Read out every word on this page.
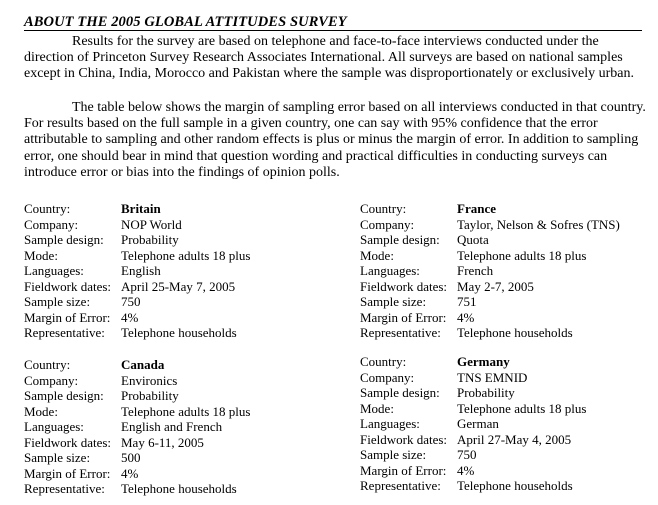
ABOUT THE 2005 GLOBAL ATTITUDES SURVEY

Results for the survey are based on telephone and face-to-face interviews conducted under the direction of Princeton Survey Research Associates International. All surveys are based on national samples except in China, India, Morocco and Pakistan where the sample was disproportionately or exclusively urban.

The table below shows the margin of sampling error based on all interviews conducted in that country. For results based on the full sample in a given country, one can say with 95% confidence that the error attributable to sampling and other random effects is plus or minus the margin of error. In addition to sampling error, one should bear in mind that question wording and practical difficulties in conducting surveys can introduce error or bias into the findings of opinion polls.

Country:	Britain
Company:	NOP World
Sample design: Probability
Mode:	Telephone adults 18 plus
Languages:	English
Fieldwork dates: April 25-May 7, 2005
Sample size: 750
Margin of Error: 4%
Representative: Telephone households
Country:	France
Company:	Taylor, Nelson & Sofres (TNS)
Sample design: Quota
Mode:	Telephone adults 18 plus
Languages:	French
Fieldwork dates: May 2-7, 2005
Sample size: 751
Margin of Error: 4%
Representative: Telephone households
Country:	Canada
Company:	Environics
Sample design: Probability
Mode:	Telephone adults 18 plus
Languages:	English and French
Fieldwork dates: May 6-11, 2005
Sample size: 500
Margin of Error: 4%
Representative: Telephone households
Country:	Germany
Company:	TNS EMNID
Sample design: Probability
Mode:	Telephone adults 18 plus
Languages:	German
Fieldwork dates: April 27-May 4, 2005
Sample size: 750
Margin of Error: 4%
Representative: Telephone households
